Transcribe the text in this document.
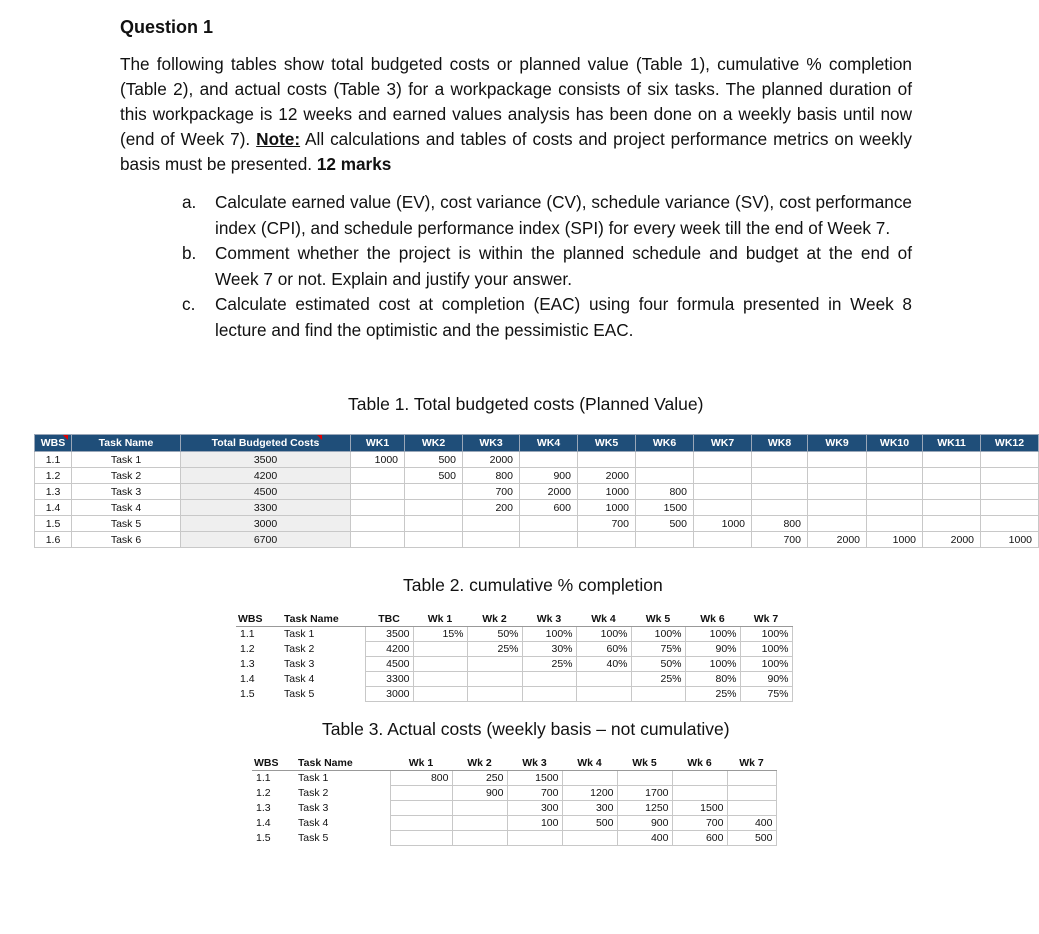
Question 1

The following tables show total budgeted costs or planned value (Table 1), cumulative % completion (Table 2), and actual costs (Table 3) for a workpackage consists of six tasks. The planned duration of this workpackage is 12 weeks and earned values analysis has been done on a weekly basis until now (end of Week 7). Note: All calculations and tables of costs and project performance metrics on weekly basis must be presented. 12 marks

a. Calculate earned value (EV), cost variance (CV), schedule variance (SV), cost performance index (CPI), and schedule performance index (SPI) for every week till the end of Week 7.
b. Comment whether the project is within the planned schedule and budget at the end of Week 7 or not. Explain and justify your answer.
c. Calculate estimated cost at completion (EAC) using four formula presented in Week 8 lecture and find the optimistic and the pessimistic EAC.

Table 1. Total budgeted costs (Planned Value)

WBS	Task Name	Total Budgeted Costs	WK1	WK2	WK3	WK4	WK5	WK6	WK7	WK8	WK9	WK10	WK11	WK12
1.1	Task 1	3500	1000	500	2000									
1.2	Task 2	4200		500	800	900	2000							
1.3	Task 3	4500			700	2000	1000	800						
1.4	Task 4	3300			200	600	1000	1500						
1.5	Task 5	3000					700	500	1000	800				
1.6	Task 6	6700								700	2000	1000	2000	1000

Table 2. cumulative % completion

WBS	Task Name	TBC	Wk 1	Wk 2	Wk 3	Wk 4	Wk 5	Wk 6	Wk 7
1.1	Task 1	3500	15%	50%	100%	100%	100%	100%	100%
1.2	Task 2	4200		25%	30%	60%	75%	90%	100%
1.3	Task 3	4500			25%	40%	50%	100%	100%
1.4	Task 4	3300					25%	80%	90%
1.5	Task 5	3000						25%	75%

Table 3. Actual costs (weekly basis – not cumulative)

WBS	Task Name	Wk 1	Wk 2	Wk 3	Wk 4	Wk 5	Wk 6	Wk 7
1.1	Task 1	800	250	1500				
1.2	Task 2		900	700	1200	1700		
1.3	Task 3			300	300	1250	1500	
1.4	Task 4			100	500	900	700	400
1.5	Task 5					400	600	500
